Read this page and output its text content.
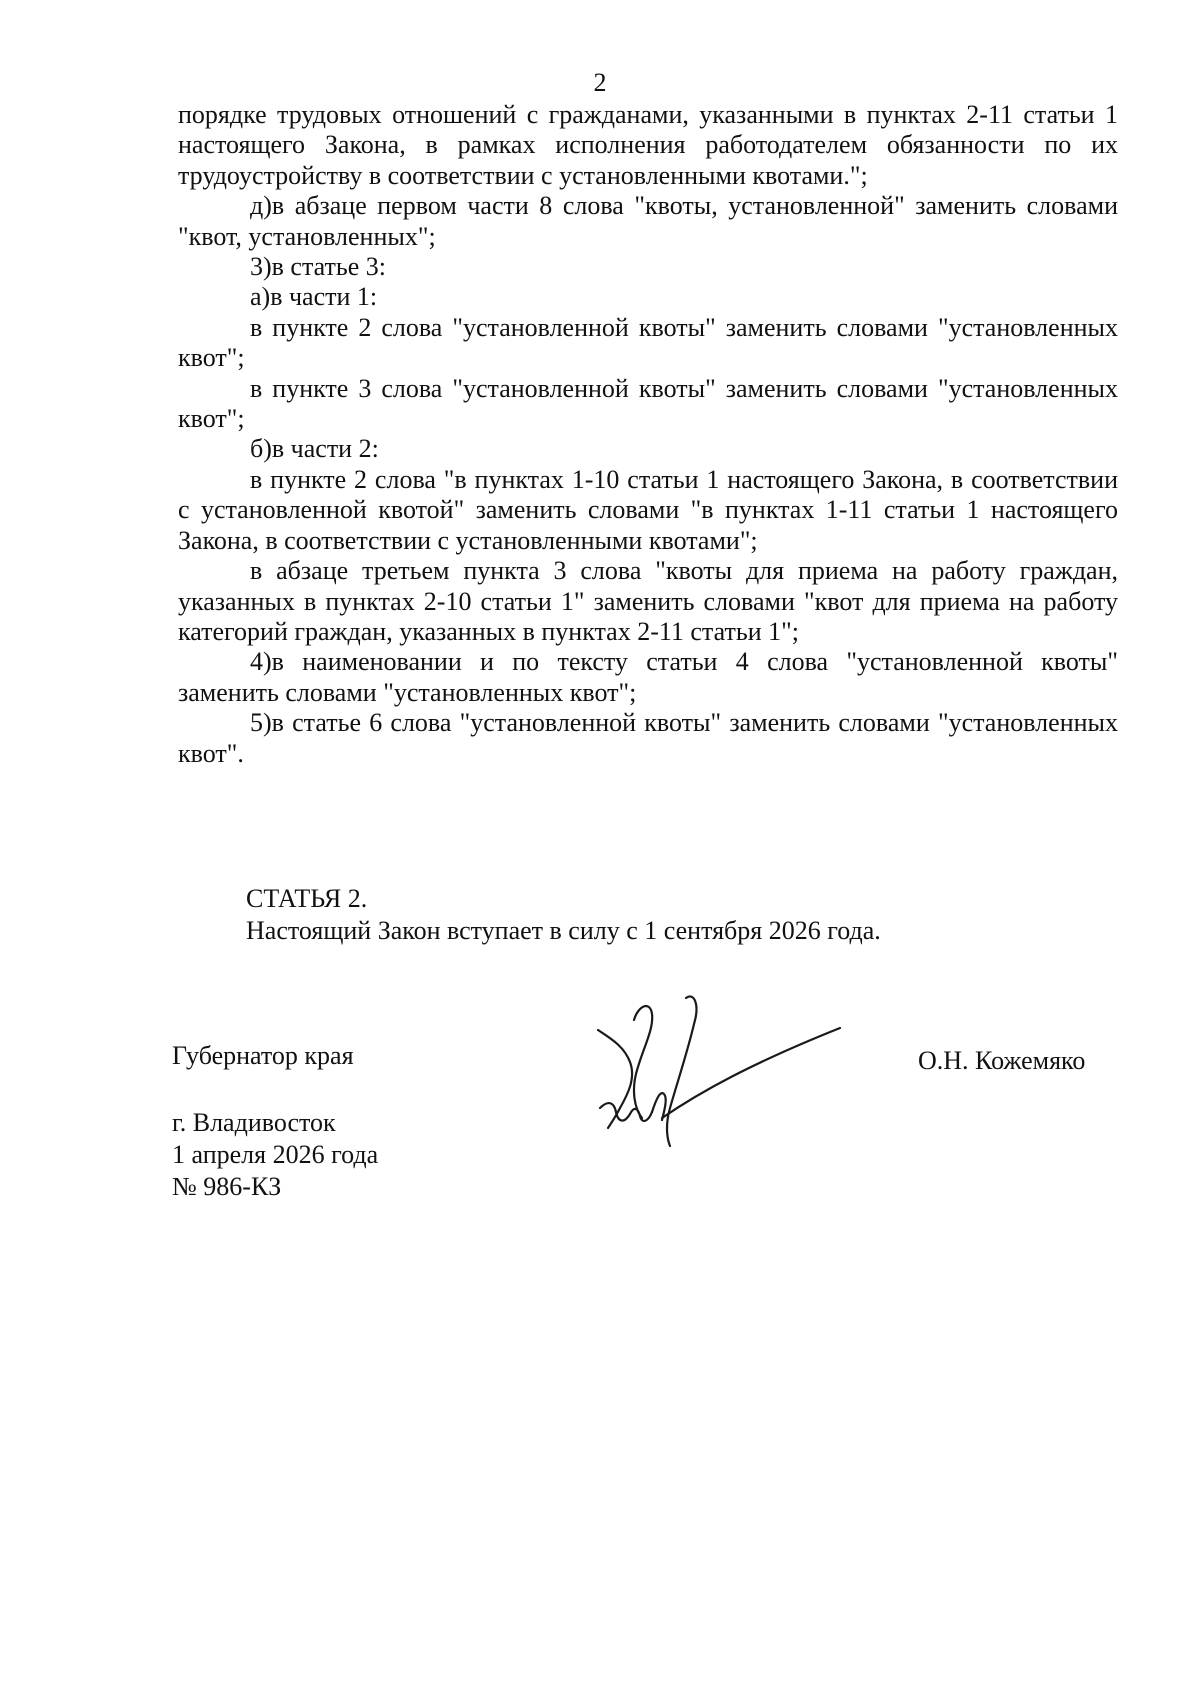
2

порядке трудовых отношений с гражданами, указанными в пунктах 2-11 статьи 1 настоящего Закона, в рамках исполнения работодателем обязанности по их трудоустройству в соответствии с установленными квотами.";

д)в абзаце первом части 8 слова "квоты, установленной" заменить словами "квот, установленных";

3)в статье 3:

а)в части 1:

в пункте 2 слова "установленной квоты" заменить словами "установленных квот";

в пункте 3 слова "установленной квоты" заменить словами "установленных квот";

б)в части 2:

в пункте 2 слова "в пунктах 1-10 статьи 1 настоящего Закона, в соответствии с установленной квотой" заменить словами "в пунктах 1-11 статьи 1 настоящего Закона, в соответствии с установленными квотами";

в абзаце третьем пункта 3 слова "квоты для приема на работу граждан, указанных в пунктах 2-10 статьи 1" заменить словами "квот для приема на работу категорий граждан, указанных в пунктах 2-11 статьи 1";

4)в наименовании и по тексту статьи 4 слова "установленной квоты" заменить словами "установленных квот";

5)в статье 6 слова "установленной квоты" заменить словами "установленных квот".

СТАТЬЯ 2.

Настоящий Закон вступает в силу с 1 сентября 2026 года.

Губернатор края	О.Н. Кожемяко
г. Владивосток
1 апреля 2026 года
№ 986-КЗ
